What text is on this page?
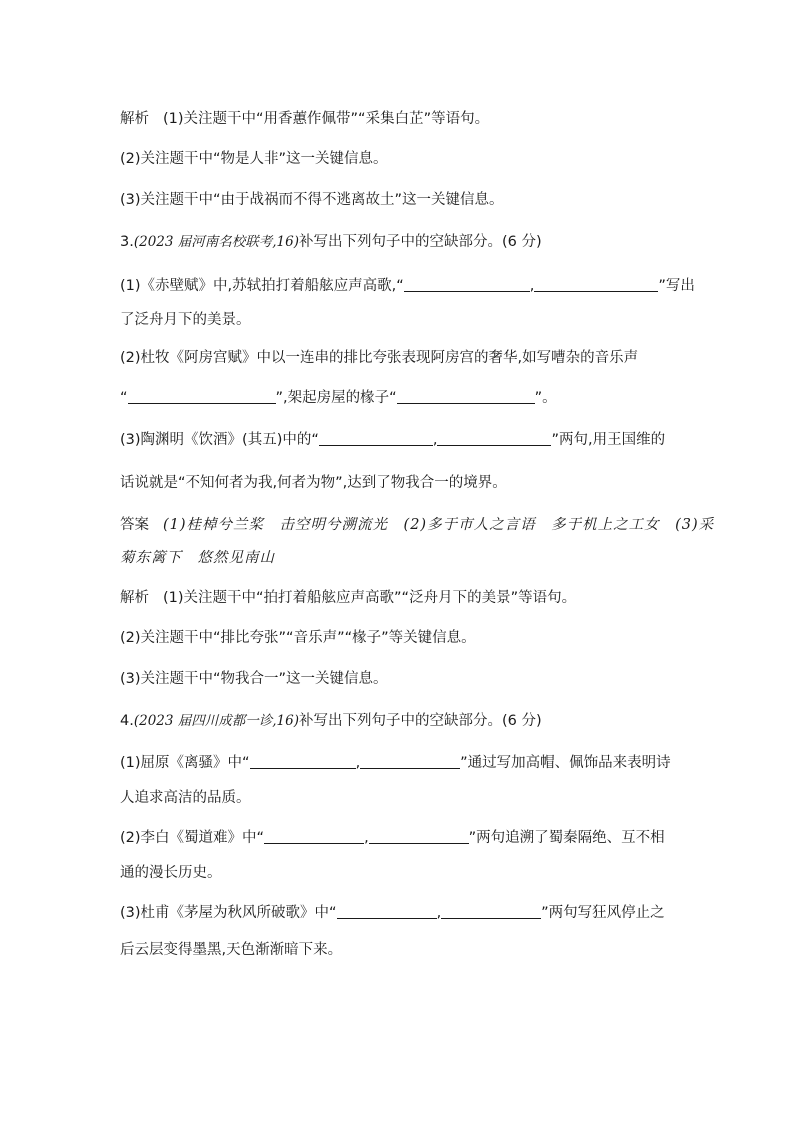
解析 (1)关注题干中“用香蕙作佩带”“采集白芷”等语句。
(2)关注题干中“物是人非”这一关键信息。
(3)关注题干中“由于战祸而不得不逃离故土”这一关键信息。
3.(2023 届河南名校联考,16)补写出下列句子中的空缺部分。(6 分)
(1)《赤壁赋》中,苏轼拍打着船舷应声高歌,“	,	”写出
了泛舟月下的美景。
(2)杜牧《阿房宫赋》中以一连串的排比夸张表现阿房宫的奢华,如写嘈杂的音乐声
“	”,架起房屋的椽子“	”。
(3)陶渊明《饮酒》(其五)中的“	,	”两句,用王国维的
话说就是“不知何者为我,何者为物”,达到了物我合一的境界。
答案 (1)桂棹兮兰桨　击空明兮溯流光　(2)多于市人之言语　多于机上之工女　(3)采
菊东篱下　悠然见南山
解析 (1)关注题干中“拍打着船舷应声高歌”“泛舟月下的美景”等语句。
(2)关注题干中“排比夸张”“音乐声”“椽子”等关键信息。
(3)关注题干中“物我合一”这一关键信息。
4.(2023 届四川成都一诊,16)补写出下列句子中的空缺部分。(6 分)
(1)屈原《离骚》中“	,	”通过写加高帽、佩饰品来表明诗
人追求高洁的品质。
(2)李白《蜀道难》中“	,	”两句追溯了蜀秦隔绝、互不相
通的漫长历史。
(3)杜甫《茅屋为秋风所破歌》中“	,	”两句写狂风停止之
后云层变得墨黑,天色渐渐暗下来。
